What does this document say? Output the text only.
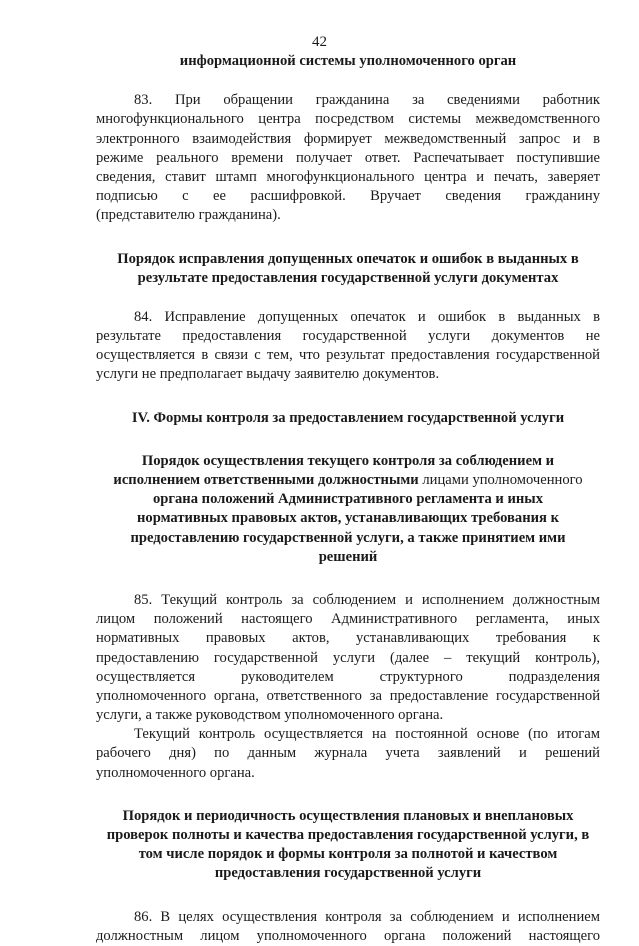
42
информационной системы уполномоченного орган
83. При обращении гражданина за сведениями работник
многофункционального центра посредством системы межведомственного
электронного взаимодействия формирует межведомственный запрос и в
режиме реального времени получает ответ. Распечатывает поступившие
сведения, ставит штамп многофункционального центра и печать, заверяет
подписью с ее расшифровкой. Вручает сведения гражданину
(представителю гражданина).
Порядок исправления допущенных опечаток и ошибок в выданных в
результате предоставления государственной услуги документах
84. Исправление допущенных опечаток и ошибок в выданных в
результате предоставления государственной услуги документов не
осуществляется в связи с тем, что результат предоставления государственной
услуги не предполагает выдачу заявителю документов.
IV. Формы контроля за предоставлением государственной услуги
Порядок осуществления текущего контроля за соблюдением и
исполнением ответственными должностными лицами уполномоченного
органа положений Административного регламента и иных
нормативных правовых актов, устанавливающих требования к
предоставлению государственной услуги, а также принятием ими
решений
85. Текущий контроль за соблюдением и исполнением должностным
лицом положений настоящего Административного регламента, иных
нормативных правовых актов, устанавливающих требования к
предоставлению государственной услуги (далее – текущий контроль),
осуществляется руководителем структурного подразделения
уполномоченного органа, ответственного за предоставление государственной
услуги, а также руководством уполномоченного органа.
Текущий контроль осуществляется на постоянной основе (по итогам
рабочего дня) по данным журнала учета заявлений и решений
уполномоченного органа.
Порядок и периодичность осуществления плановых и внеплановых
проверок полноты и качества предоставления государственной услуги, в
том числе порядок и формы контроля за полнотой и качеством
предоставления государственной услуги
86. В целях осуществления контроля за соблюдением и исполнением
должностным лицом уполномоченного органа положений настоящего
